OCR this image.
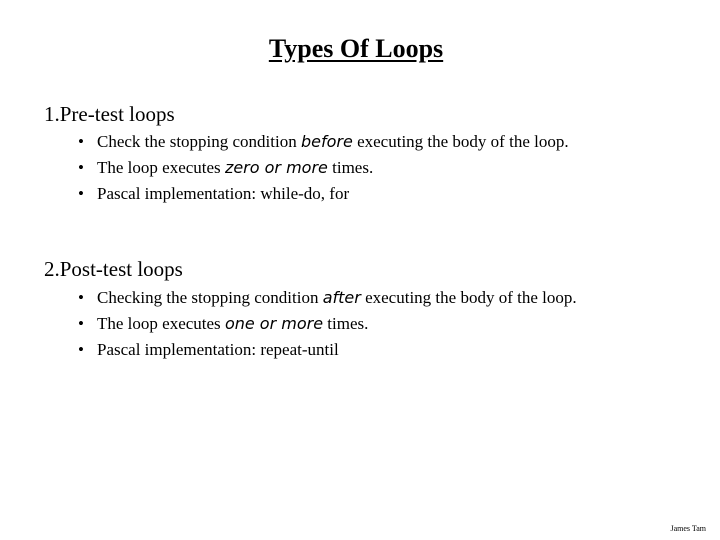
Types Of Loops
1.Pre-test loops
• Check the stopping condition before executing the body of the loop.
• The loop executes zero or more times.
• Pascal implementation: while-do, for
2.Post-test loops
• Checking the stopping condition after executing the body of the loop.
• The loop executes one or more times.
• Pascal implementation: repeat-until
James Tam
